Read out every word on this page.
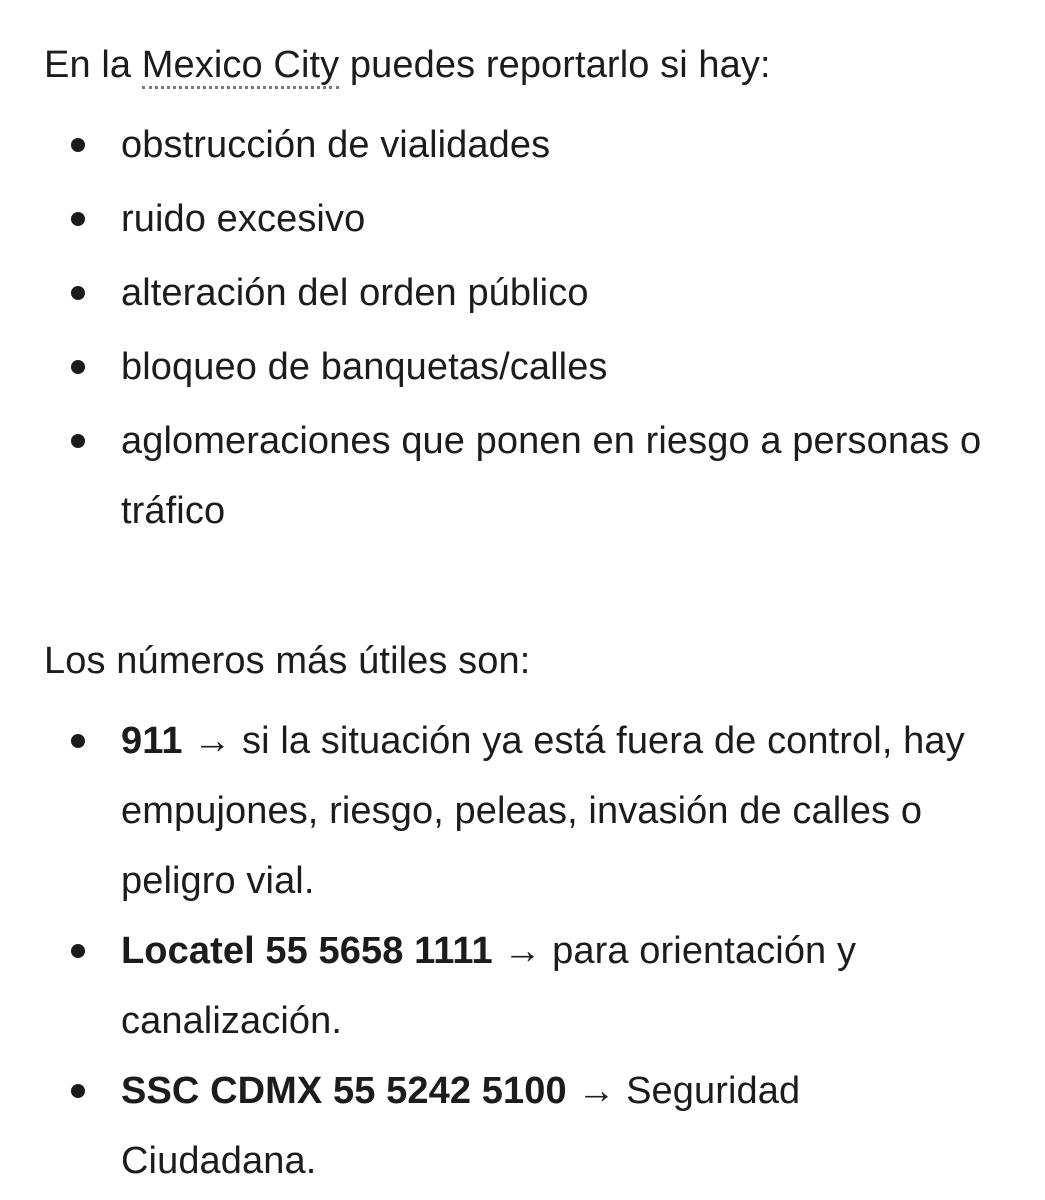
En la Mexico City puedes reportarlo si hay:

obstrucción de vialidades
ruido excesivo
alteración del orden público
bloqueo de banquetas/calles
aglomeraciones que ponen en riesgo a personas o tráfico

Los números más útiles son:

911 → si la situación ya está fuera de control, hay empujones, riesgo, peleas, invasión de calles o peligro vial.
Locatel 55 5658 1111 → para orientación y canalización.
SSC CDMX 55 5242 5100 → Seguridad Ciudadana.
